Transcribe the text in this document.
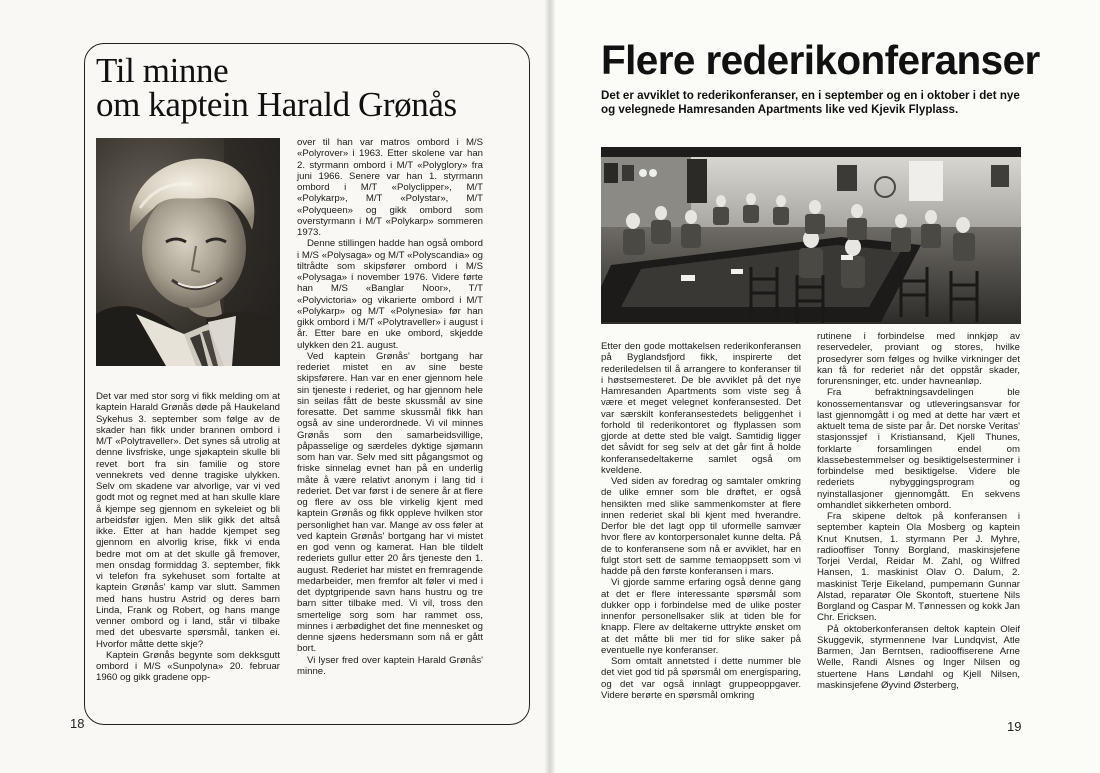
Til minne
om kaptein Harald Grønås

Det var med stor sorg vi fikk melding om at kaptein Harald Grønås døde på Haukeland Sykehus 3. september som følge av de skader han fikk under brannen ombord i M/T «Polytraveller». Det synes så utrolig at denne livsfriske, unge sjøkaptein skulle bli revet bort fra sin familie og store vennekrets ved denne tragiske ulykken. Selv om skadene var alvorlige, var vi ved godt mot og regnet med at han skulle klare å kjempe seg gjennom en sykeleiet og bli arbeidsfør igjen. Men slik gikk det altså ikke. Etter at han hadde kjempet seg gjennom en alvorlig krise, fikk vi enda bedre mot om at det skulle gå fremover, men onsdag formiddag 3. september, fikk vi telefon fra sykehuset som fortalte at kaptein Grønås' kamp var slutt. Sammen med hans hustru Astrid og deres barn Linda, Frank og Robert, og hans mange venner ombord og i land, står vi tilbake med det ubesvarte spørsmål, tanken ei. Hvorfor måtte dette skje?

Kaptein Grønås begynte som dekksgutt ombord i M/S «Sunpolyna» 20. februar 1960 og gikk gradene opp-

over til han var matros ombord i M/S «Polyrover» i 1963. Etter skolene var han 2. styrmann ombord i M/T «Polyglory» fra juni 1966. Senere var han 1. styrmann ombord i M/T «Polyclipper», M/T «Polykarp», M/T «Polystar», M/T «Polyqueen» og gikk ombord som overstyrmann i M/T «Polykarp» sommeren 1973.

Denne stillingen hadde han også ombord i M/S «Polysaga» og M/T «Polyscandia» og tiltrådte som skipsfører ombord i M/S «Polysaga» i november 1976. Videre førte han M/S «Banglar Noor», T/T «Polyvictoria» og vikarierte ombord i M/T «Polykarp» og M/T «Polynesia» før han gikk ombord i M/T «Polytraveller» i august i år. Etter bare en uke ombord, skjedde ulykken den 21. august.

Ved kaptein Grønås' bortgang har rederiet mistet en av sine beste skipsførere. Han var en ener gjennom hele sin tjeneste i rederiet, og har gjennom hele sin seilas fått de beste skussmål av sine foresatte. Det samme skussmål fikk han også av sine underordnede. Vi vil minnes Grønås som den samarbeidsvillige, påpasselige og særdeles dyktige sjømann som han var. Selv med sitt pågangsmot og friske sinnelag evnet han på en underlig måte å være relativt anonym i lang tid i rederiet. Det var først i de senere år at flere og flere av oss ble virkelig kjent med kaptein Grønås og fikk oppleve hvilken stor personlighet han var. Mange av oss føler at ved kaptein Grønås' bortgang har vi mistet en god venn og kamerat. Han ble tildelt rederiets gullur etter 20 års tjeneste den 1. august. Rederiet har mistet en fremragende medarbeider, men fremfor alt føler vi med i det dyptgripende savn hans hustru og tre barn sitter tilbake med. Vi vil, tross den smertelige sorg som har rammet oss, minnes i ærbødighet det fine mennesket og denne sjøens hedersmann som nå er gått bort.

Vi lyser fred over kaptein Harald Grønås' minne.

18

Flere rederikonferanser

Det er avviklet to rederikonferanser, en i september og en i oktober i det nye og velegnede Hamresanden Apartments like ved Kjevik Flyplass.

Etter den gode mottakelsen rederikonferansen på Byglandsfjord fikk, inspirerte det rederiledelsen til å arrangere to konferanser til i høstsemesteret. De ble avviklet på det nye Hamresanden Apartments som viste seg å være et meget velegnet konferansested. Det var særskilt konferansestedets beliggenhet i forhold til rederikontoret og flyplassen som gjorde at dette sted ble valgt. Samtidig ligger det såvidt for seg selv at det går fint å holde konferansedeltakerne samlet også om kveldene.

Ved siden av foredrag og samtaler omkring de ulike emner som ble drøftet, er også hensikten med slike sammenkomster at flere innen rederiet skal bli kjent med hverandre. Derfor ble det lagt opp til uformelle samvær hvor flere av kontorpersonalet kunne delta. På de to konferansene som nå er avviklet, har en fulgt stort sett de samme temaoppsett som vi hadde på den første konferansen i mars.

Vi gjorde samme erfaring også denne gang at det er flere interessante spørsmål som dukker opp i forbindelse med de ulike poster innenfor personellsaker slik at tiden ble for knapp. Flere av deltakerne uttrykte ønsket om at det måtte bli mer tid for slike saker på eventuelle nye konferanser.

Som omtalt annetsted i dette nummer ble det viet god tid på spørsmål om energisparing, og det var også innlagt gruppeoppgaver. Videre berørte en spørsmål omkring

rutinene i forbindelse med innkjøp av reservedeler, proviant og stores, hvilke prosedyrer som følges og hvilke virkninger det kan få for rederiet når det oppstår skader, forurensninger, etc. under havneanløp.

Fra befraktningsavdelingen ble konossementansvar og utleveringsansvar for last gjennomgått i og med at dette har vært et aktuelt tema de siste par år. Det norske Veritas' stasjonssjef i Kristiansand, Kjell Thunes, forklarte forsamlingen endel om klassebestemmelser og besiktigelsesterminer i forbindelse med besiktigelse. Videre ble rederiets nybyggingsprogram og nyinstallasjoner gjennomgått. En sekvens omhandlet sikkerheten ombord.

Fra skipene deltok på konferansen i september kaptein Ola Mosberg og kaptein Knut Knutsen, 1. styrmann Per J. Myhre, radiooffiser Tonny Borgland, maskinsjefene Torjei Verdal, Reidar M. Zahl, og Wilfred Hansen, 1. maskinist Olav O. Dalum, 2. maskinist Terje Eikeland, pumpemann Gunnar Alstad, reparatør Ole Skontoft, stuertene Nils Borgland og Caspar M. Tønnessen og kokk Jan Chr. Ericksen.

På oktoberkonferansen deltok kaptein Oleif Skuggevik, styrmennene Ivar Lundqvist, Atle Barmen, Jan Berntsen, radiooffiserene Arne Welle, Randi Alsnes og Inger Nilsen og stuertene Hans Løndahl og Kjell Nilsen, maskinsjefene Øyvind Østerberg,

19
